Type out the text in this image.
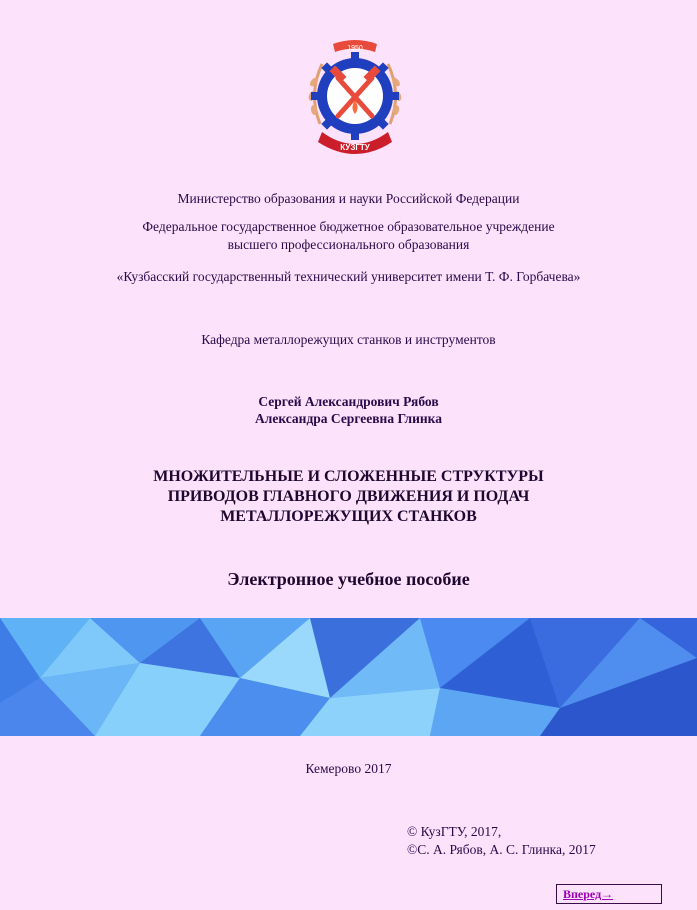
1950
КУЗГТУ
Министерство образования и науки Российской Федерации
Федеральное государственное бюджетное образовательное учреждение
высшего профессионального образования
«Кузбасский государственный технический университет имени Т. Ф. Горбачева»
Кафедра металлорежущих станков и инструментов
Сергей Александрович Рябов
Александра Сергеевна Глинка
МНОЖИТЕЛЬНЫЕ И СЛОЖЕННЫЕ СТРУКТУРЫ
ПРИВОДОВ ГЛАВНОГО ДВИЖЕНИЯ И ПОДАЧ
МЕТАЛЛОРЕЖУЩИХ СТАНКОВ
Электронное учебное пособие
Кемерово 2017
© КузГТУ, 2017,
©С. А. Рябов, А. С. Глинка, 2017
Вперед→
